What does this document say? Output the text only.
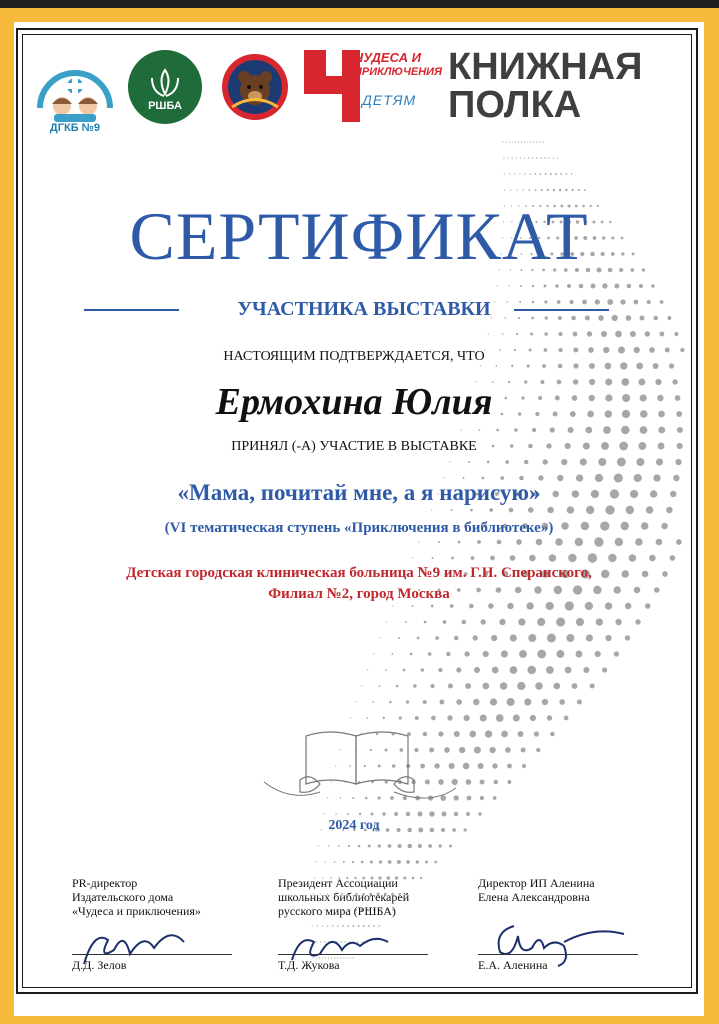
ДГКБ №9
РШБА
ЧУДЕСА И
ПРИКЛЮЧЕНИЯ
ДЕТЯМ
КНИЖНАЯ
ПОЛКА
СЕРТИФИКАТ
УЧАСТНИКА ВЫСТАВКИ
НАСТОЯЩИМ ПОДТВЕРЖДАЕТСЯ, ЧТО
Ермохина Юлия
ПРИНЯЛ (-А) УЧАСТИЕ В ВЫСТАВКЕ
«Мама, почитай мне, а я нарисую»
(VI тематическая ступень «Приключения в библиотеке»)
Детская городская клиническая больница №9 им. Г.Н. Сперанского,
Филиал №2, город Москва
2024 год
PR-директор
Издательского дома
«Чудеса и приключения»
Д.Д. Зелов
Президент Ассоциации
школьных библиотекарей
русского мира (РШБА)
Т.Д. Жукова
Директор ИП Аленина
Елена Александровна
Е.А. Аленина
